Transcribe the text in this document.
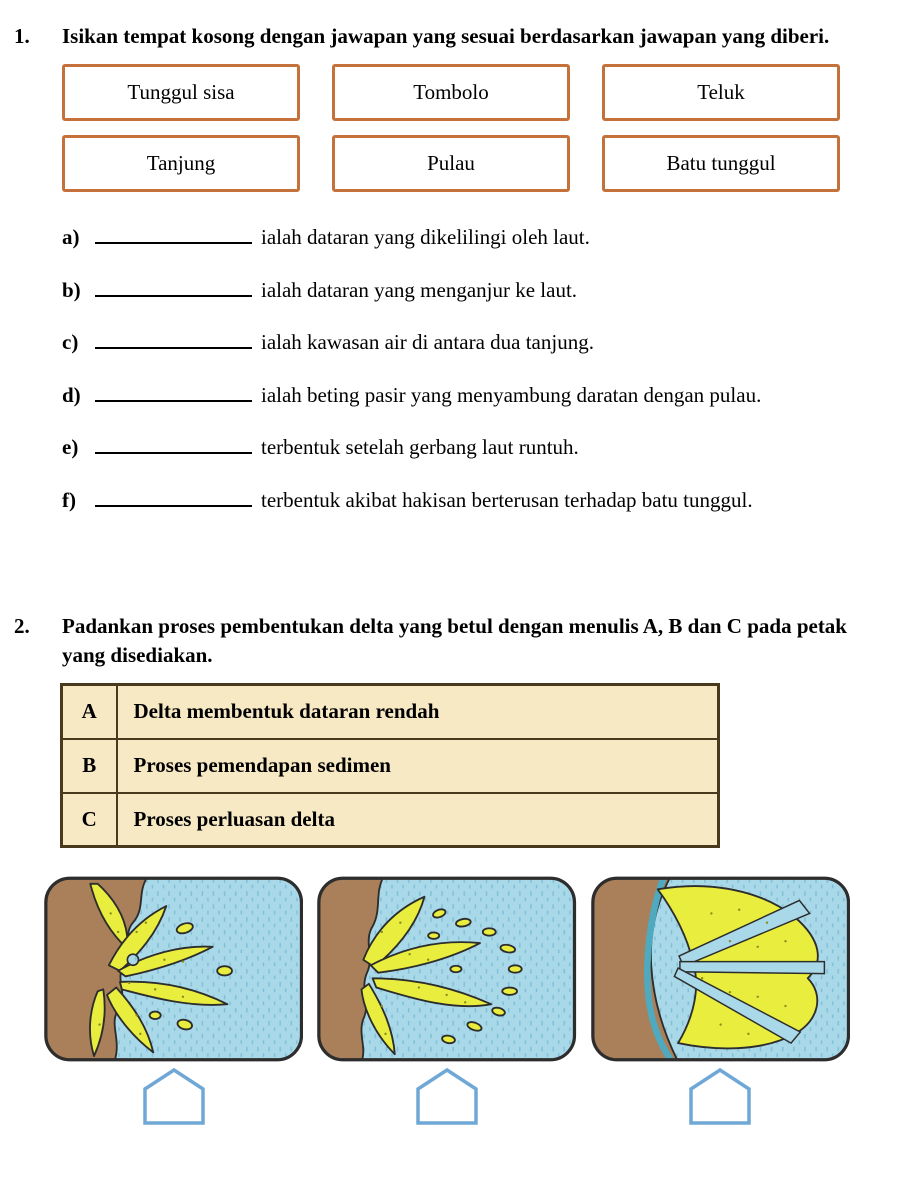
1.	Isikan tempat kosong dengan jawapan yang sesuai berdasarkan jawapan yang diberi.

Tunggul sisa	Tombolo	Teluk
Tanjung	Pulau	Batu tunggul

a)	ialah dataran yang dikelilingi oleh laut.

b)	ialah dataran yang menganjur ke laut.

c)	ialah kawasan air di antara dua tanjung.

d)	ialah beting pasir yang menyambung daratan dengan pulau.

e)	terbentuk setelah gerbang laut runtuh.

f)	terbentuk akibat hakisan berterusan terhadap batu tunggul.

2.	Padankan proses pembentukan delta yang betul dengan menulis A, B dan C pada petak yang disediakan.

A	Delta membentuk dataran rendah
B	Proses pemendapan sedimen
C	Proses perluasan delta
